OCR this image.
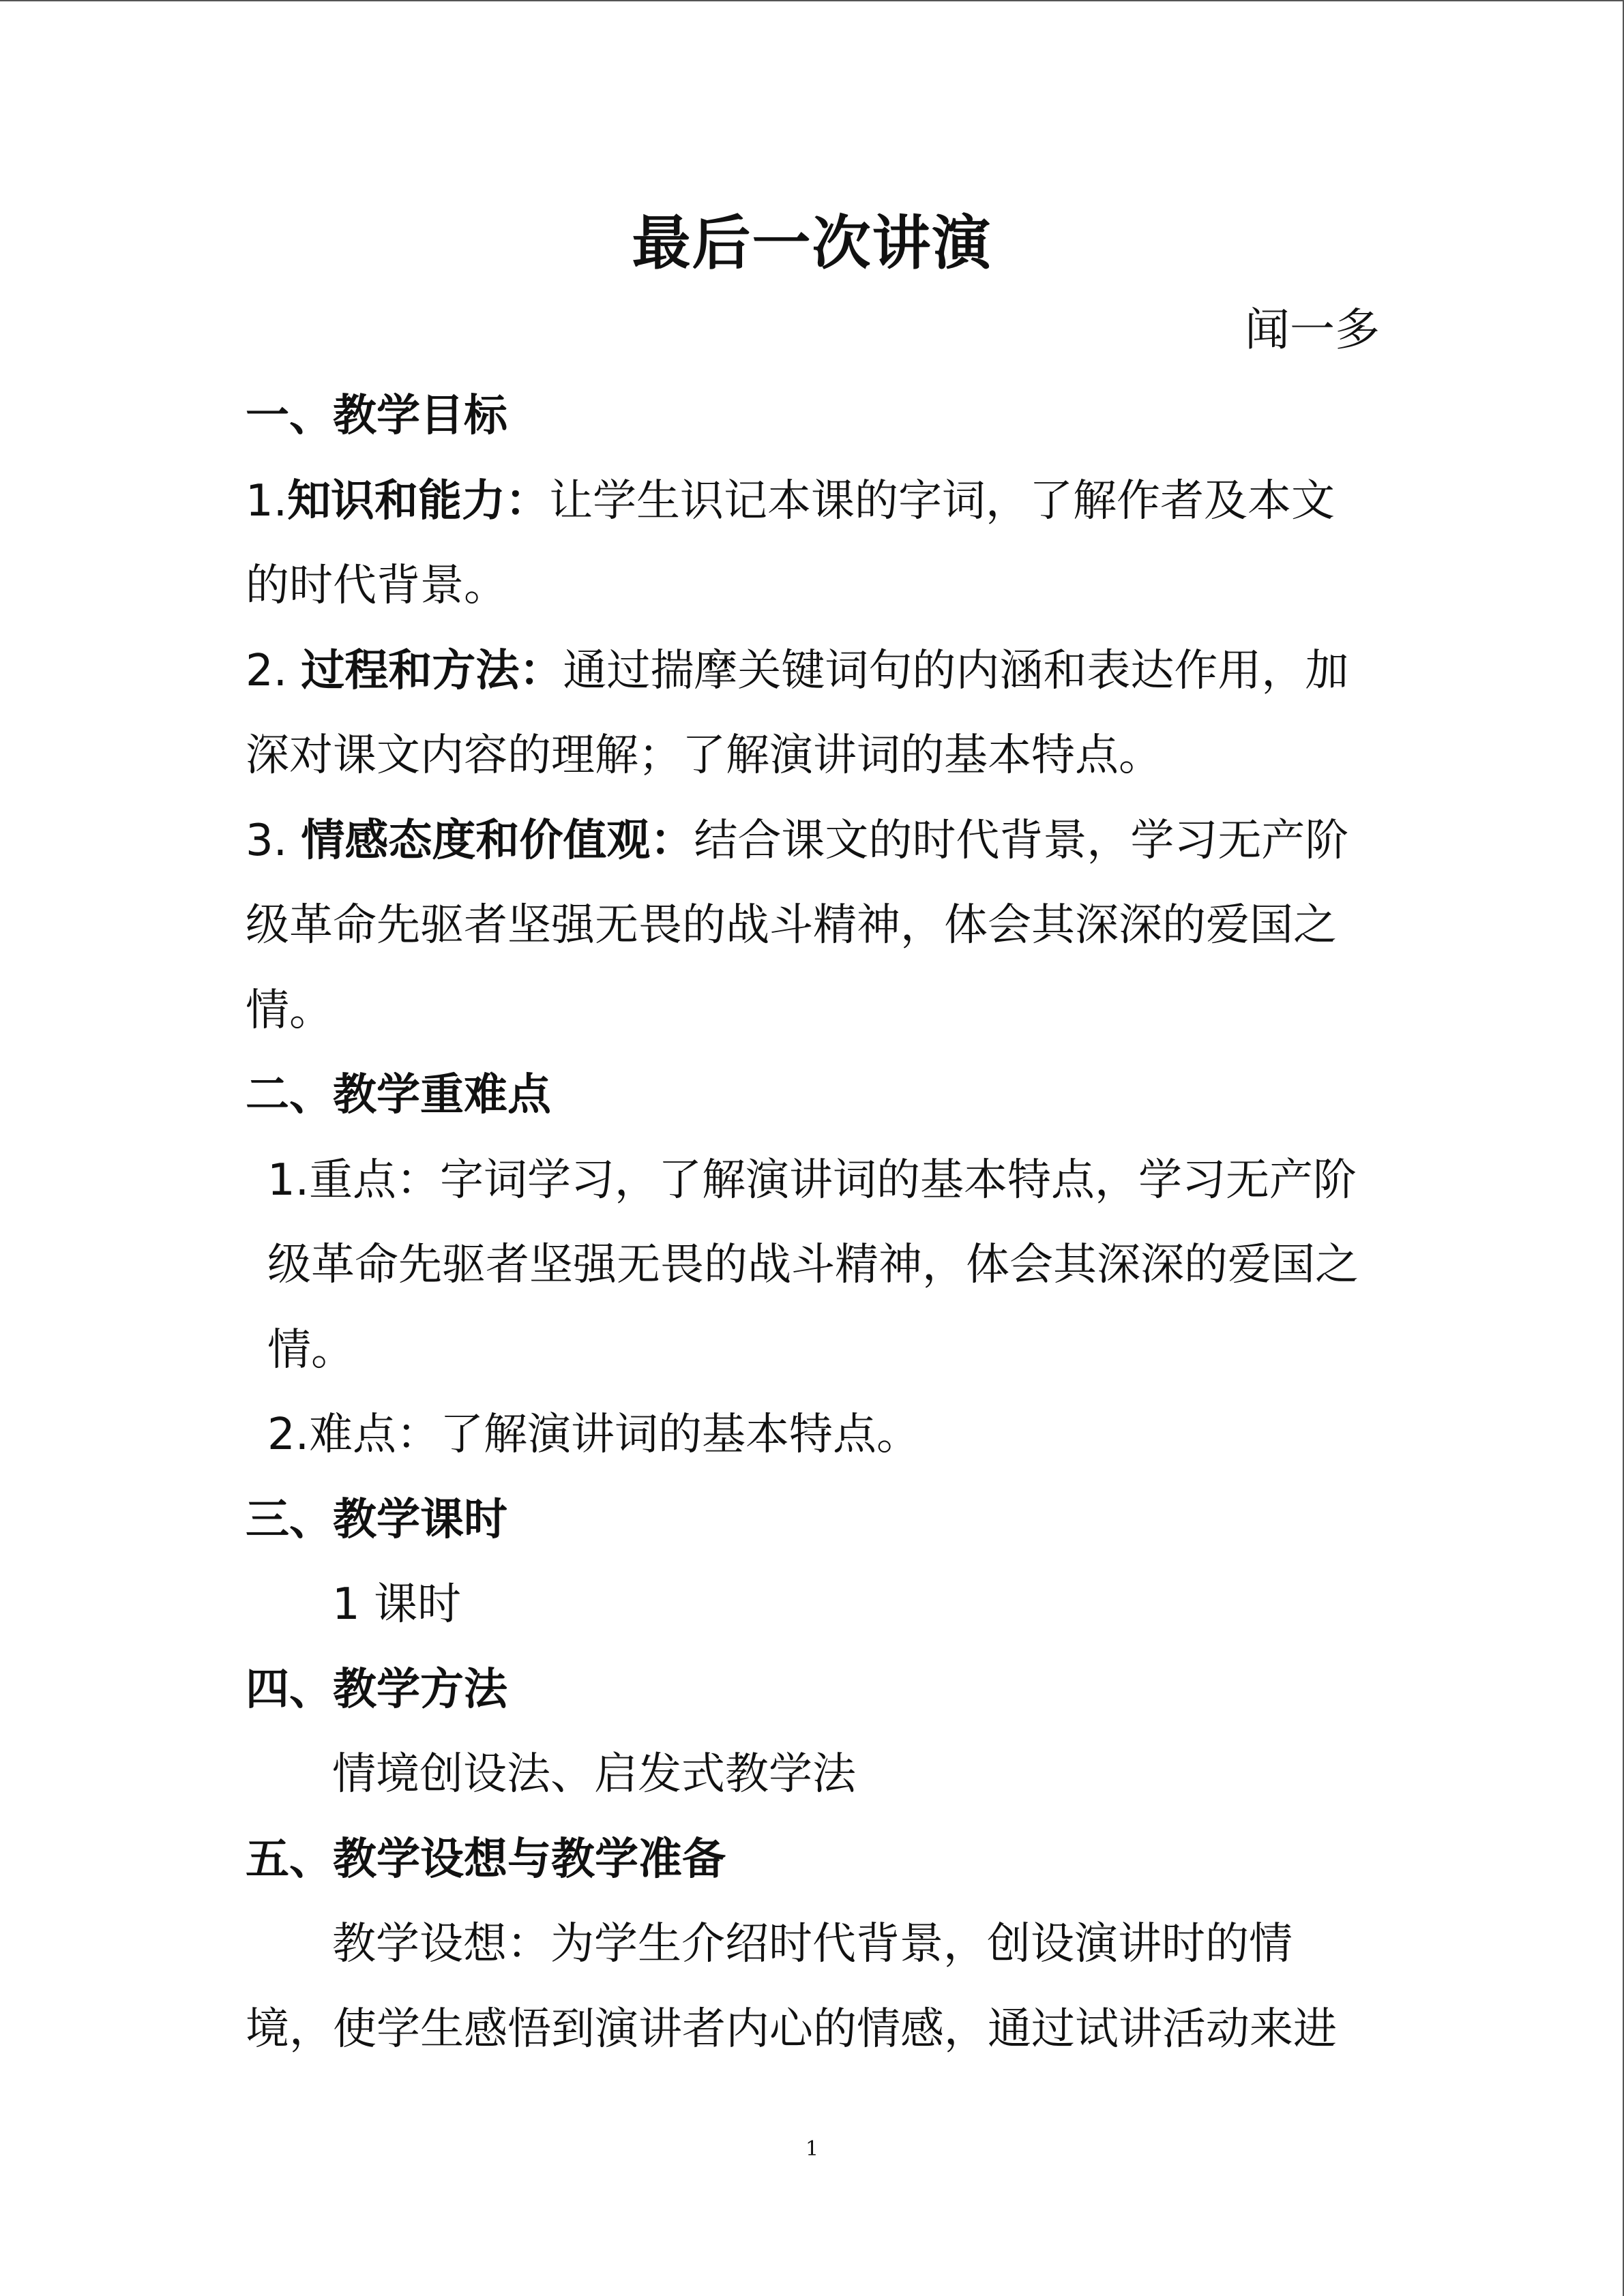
最后一次讲演
闻一多
一、教学目标
1.知识和能力：让学生识记本课的字词，了解作者及本文
的时代背景。
2. 过程和方法：通过揣摩关键词句的内涵和表达作用，加
深对课文内容的理解；了解演讲词的基本特点。
3. 情感态度和价值观：结合课文的时代背景，学习无产阶
级革命先驱者坚强无畏的战斗精神，体会其深深的爱国之
情。
二、教学重难点
1.重点：字词学习，了解演讲词的基本特点，学习无产阶
级革命先驱者坚强无畏的战斗精神，体会其深深的爱国之
情。
2.难点：了解演讲词的基本特点。
三、教学课时
1 课时
四、教学方法
情境创设法、启发式教学法
五、教学设想与教学准备
教学设想：为学生介绍时代背景，创设演讲时的情
境，使学生感悟到演讲者内心的情感，通过试讲活动来进
1
